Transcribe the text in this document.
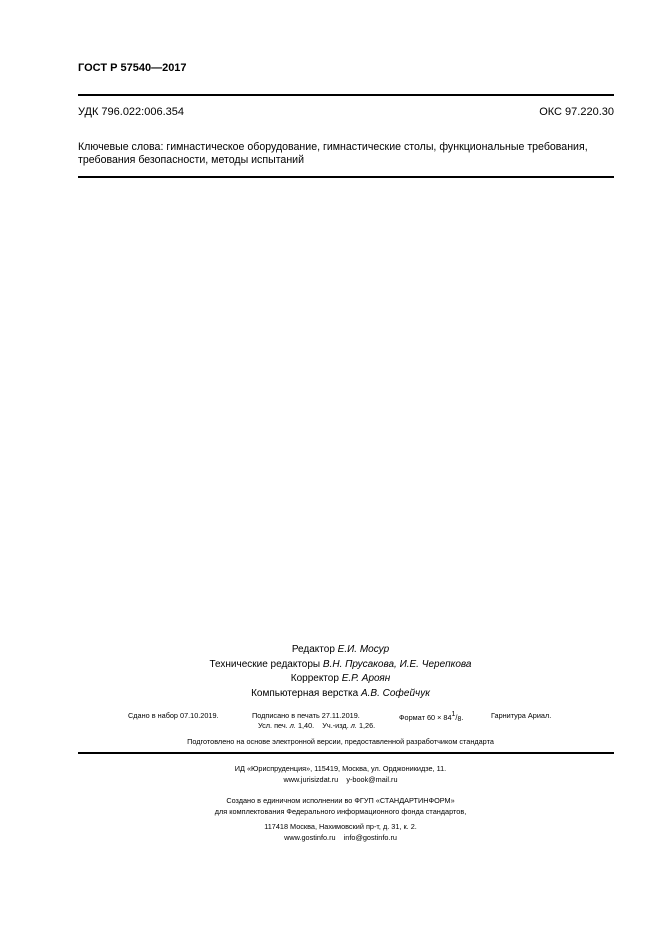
ГОСТ Р 57540—2017
УДК 796.022:006.354	ОКС 97.220.30
Ключевые слова: гимнастическое оборудование, гимнастические столы, функциональные требования,
требования безопасности, методы испытаний
Редактор Е.И. Мосур
Технические редакторы В.Н. Прусакова, И.Е. Черепкова
Корректор Е.Р. Ароян
Компьютерная верстка А.В. Софейчук
Сдано в набор 07.10.2019.	Подписано в печать 27.11.2019.	Формат $60 \times 84^1/_8$.	Гарнитура Ариал.
Усл. печ. л. 1,40. Уч.-изд. л. 1,26.
Подготовлено на основе электронной версии, предоставленной разработчиком стандарта
ИД «Юриспруденция», 115419, Москва, ул. Орджоникидзе, 11.
www.jurisizdat.ru y-book@mail.ru
Создано в единичном исполнении во ФГУП «СТАНДАРТИНФОРМ»
для комплектования Федерального информационного фонда стандартов,
117418 Москва, Нахимовский пр-т, д. 31, к. 2.
www.gostinfo.ru info@gostinfo.ru
